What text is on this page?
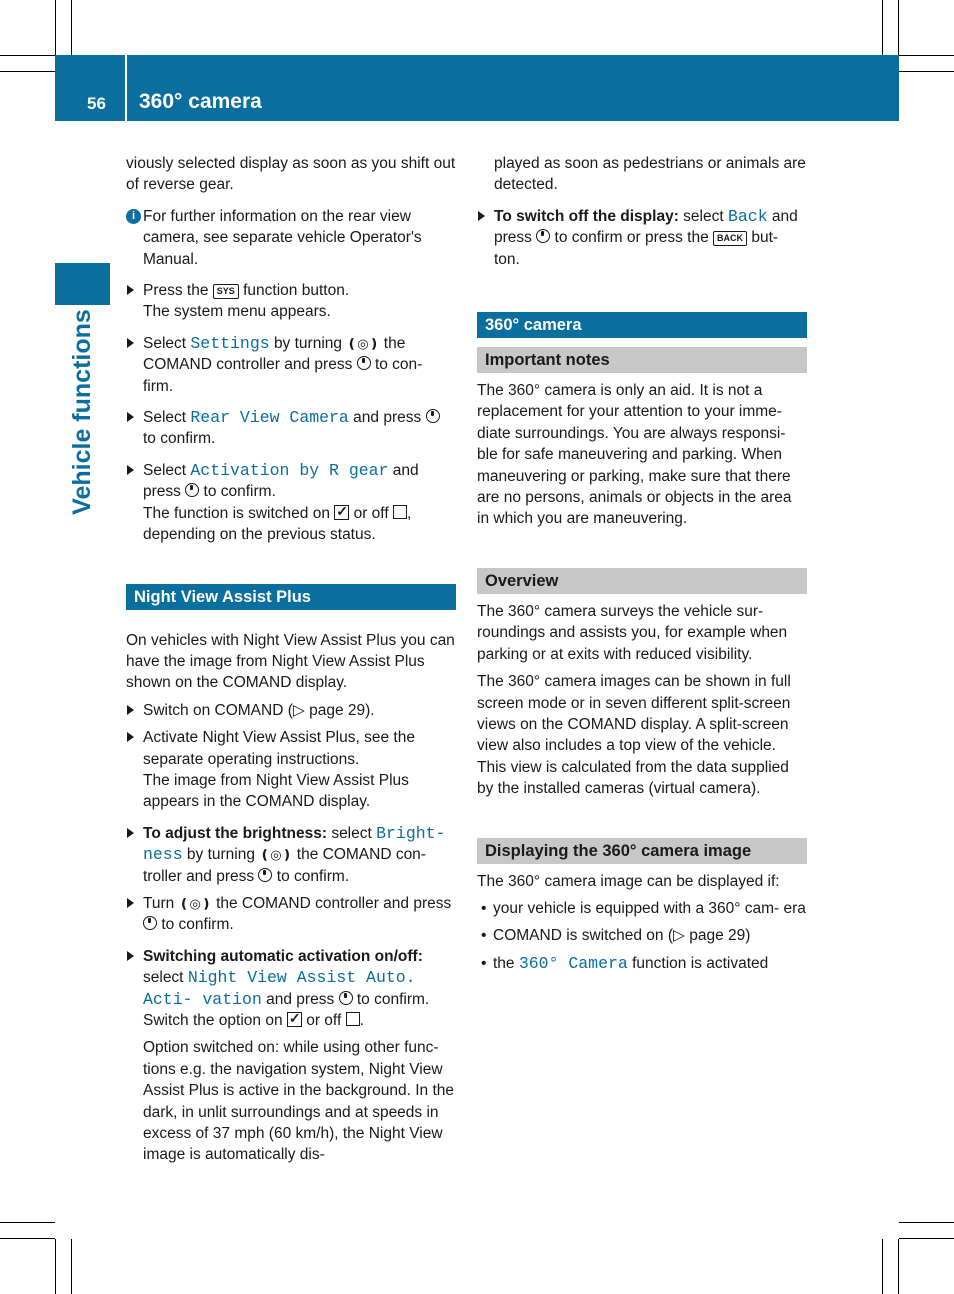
56 360° camera
Vehicle functions

viously selected display as soon as you shift out of reverse gear.

i For further information on the rear view camera, see separate vehicle Operator's Manual.
Press the SYS function button.
The system menu appears.
Select Settings by turning ❪◎❫ the COMAND controller and press to con- firm.
Select Rear View Camera and press  to confirm.
Select Activation by R gear and press to confirm.
The function is switched on ✓ or off , depending on the previous status.
Night View Assist Plus

On vehicles with Night View Assist Plus you can have the image from Night View Assist Plus shown on the COMAND display.

Switch on COMAND (▷ page 29).
Activate Night View Assist Plus, see the separate operating instructions.
The image from Night View Assist Plus appears in the COMAND display.
To adjust the brightness: select Bright- ness by turning ❪◎❫ the COMAND con- troller and press to confirm.
Turn ❪◎❫ the COMAND controller and press  to confirm.
Switching automatic activation on/off: select Night View Assist Auto. Acti- vation and press to confirm.
Switch the option on ✓ or off .
Option switched on: while using other func- tions e.g. the navigation system, Night View Assist Plus is active in the background. In the dark, in unlit surroundings and at speeds in excess of 37 mph (60 km/h), the Night View image is automatically dis-
played as soon as pedestrians or animals are detected.
To switch off the display: select Back and press to confirm or press the BACK but- ton.
360° camera
Important notes

The 360° camera is only an aid. It is not a replacement for your attention to your imme- diate surroundings. You are always responsi- ble for safe maneuvering and parking. When maneuvering or parking, make sure that there are no persons, animals or objects in the area in which you are maneuvering.

Overview

The 360° camera surveys the vehicle sur- roundings and assists you, for example when parking or at exits with reduced visibility.

The 360° camera images can be shown in full screen mode or in seven different split-screen views on the COMAND display. A split-screen view also includes a top view of the vehicle. This view is calculated from the data supplied by the installed cameras (virtual camera).

Displaying the 360° camera image

The 360° camera image can be displayed if:

• your vehicle is equipped with a 360° cam- era
• COMAND is switched on (▷ page 29)
• the 360° Camera function is activated
